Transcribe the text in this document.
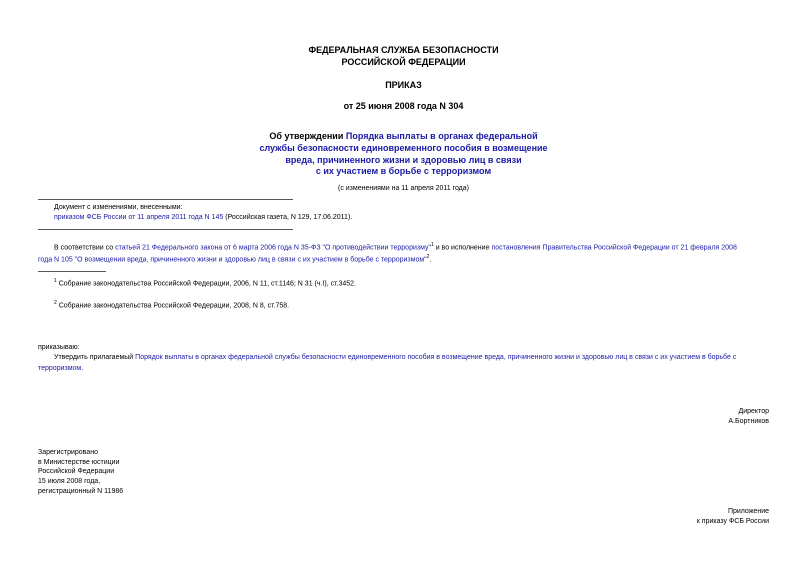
ФЕДЕРАЛЬНАЯ СЛУЖБА БЕЗОПАСНОСТИ
РОССИЙСКОЙ ФЕДЕРАЦИИ
ПРИКАЗ
от 25 июня 2008 года N 304
Об утверждении Порядка выплаты в органах федеральной
службы безопасности единовременного пособия в возмещение
вреда, причиненного жизни и здоровью лиц в связи
с их участием в борьбе с терроризмом
(с изменениями на 11 апреля 2011 года)
Документ с изменениями, внесенными:
приказом ФСБ России от 11 апреля 2011 года N 145 (Российская газета, N 129, 17.06.2011).
В соответствии со статьей 21 Федерального закона от 6 марта 2006 года N 35-ФЗ "О противодействии терроризму"$^1$ и во исполнение постановления Правительства Российской Федерации от 21 февраля 2008
года N 105 "О возмещении вреда, причиненного жизни и здоровью лиц в связи с их участием в борьбе с терроризмом"$^2$.
$^1$ Собрание законодательства Российской Федерации, 2006, N 11, ст.1146; N 31 (ч.I), ст.3452.
$^2$ Собрание законодательства Российской Федерации, 2008, N 8, ст.758.
приказываю:
Утвердить прилагаемый Порядок выплаты в органах федеральной службы безопасности единовременного пособия в возмещение вреда, причиненного жизни и здоровью лиц в связи с их участием в борьбе с
терроризмом.
Директор
А.Бортников
Зарегистрировано
в Министерстве юстиции
Российской Федерации
15 июля 2008 года,
регистрационный N 11986
Приложение
к приказу ФСБ России
